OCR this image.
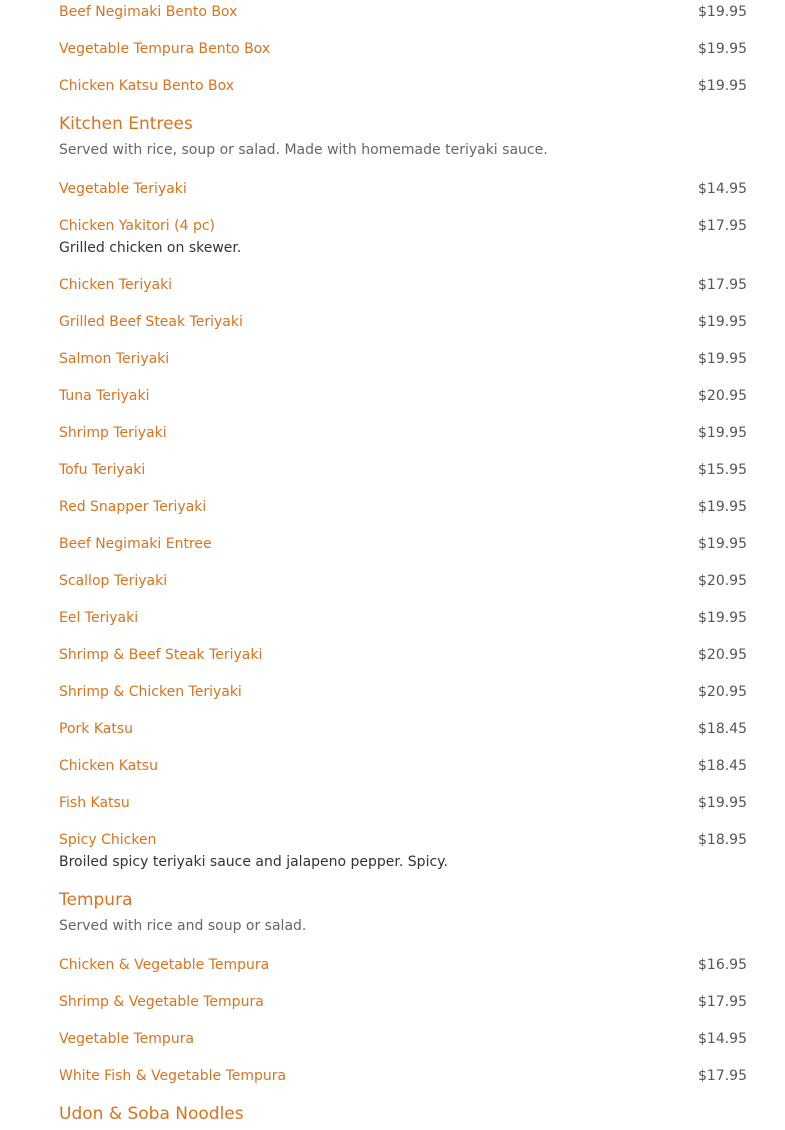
Beef Negimaki Bento Box	$19.95
Vegetable Tempura Bento Box	$19.95
Chicken Katsu Bento Box	$19.95
Kitchen Entrees
Served with rice, soup or salad. Made with homemade teriyaki sauce.
Vegetable Teriyaki	$14.95
Chicken Yakitori (4 pc)	$17.95
Grilled chicken on skewer.
Chicken Teriyaki	$17.95
Grilled Beef Steak Teriyaki	$19.95
Salmon Teriyaki	$19.95
Tuna Teriyaki	$20.95
Shrimp Teriyaki	$19.95
Tofu Teriyaki	$15.95
Red Snapper Teriyaki	$19.95
Beef Negimaki Entree	$19.95
Scallop Teriyaki	$20.95
Eel Teriyaki	$19.95
Shrimp & Beef Steak Teriyaki	$20.95
Shrimp & Chicken Teriyaki	$20.95
Pork Katsu	$18.45
Chicken Katsu	$18.45
Fish Katsu	$19.95
Spicy Chicken	$18.95
Broiled spicy teriyaki sauce and jalapeno pepper. Spicy.
Tempura
Served with rice and soup or salad.
Chicken & Vegetable Tempura	$16.95
Shrimp & Vegetable Tempura	$17.95
Vegetable Tempura	$14.95
White Fish & Vegetable Tempura	$17.95
Udon & Soba Noodles
